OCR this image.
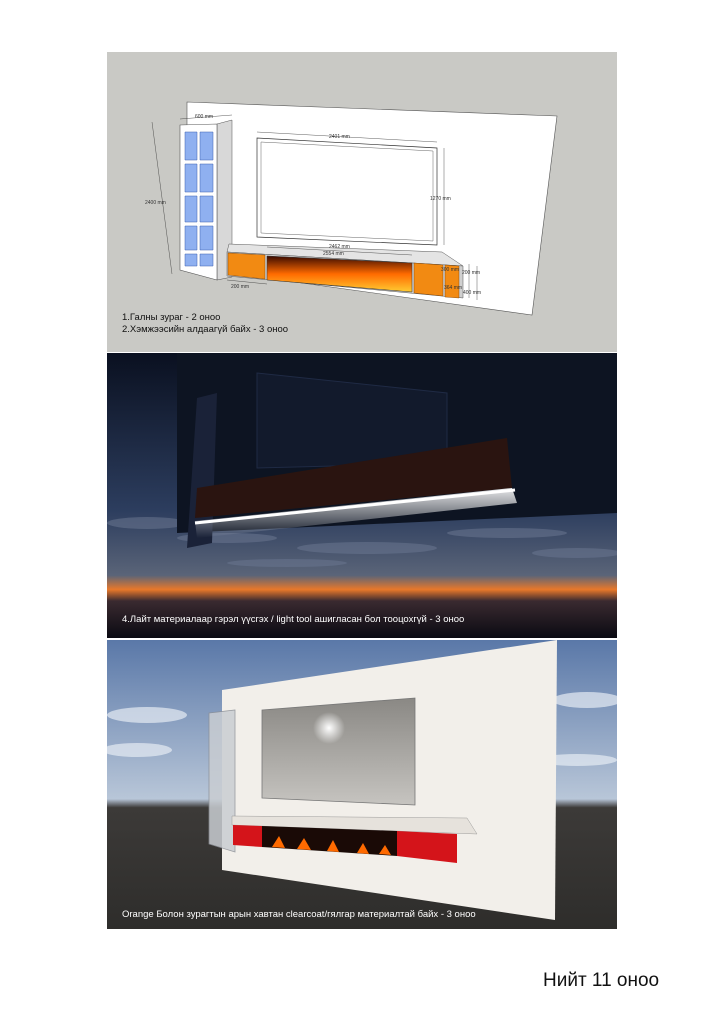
600 mm
2400 mm
2401 mm
1270 mm
2462 mm
2554 mm
200 mm
300 mm 200 mm
364 mm
400 mm
1.Галны зураг - 2 оноо
2.Хэмжээсийн алдаагүй байх - 3 оноо
4.Лайт материалаар гэрэл үүсгэх / light tool ашигласан бол тооцохгүй - 3 оноо
Orange Болон зурагтын арын хавтан clearcoat/гялгар материалтай байх - 3 оноо
Нийт 11 оноо
